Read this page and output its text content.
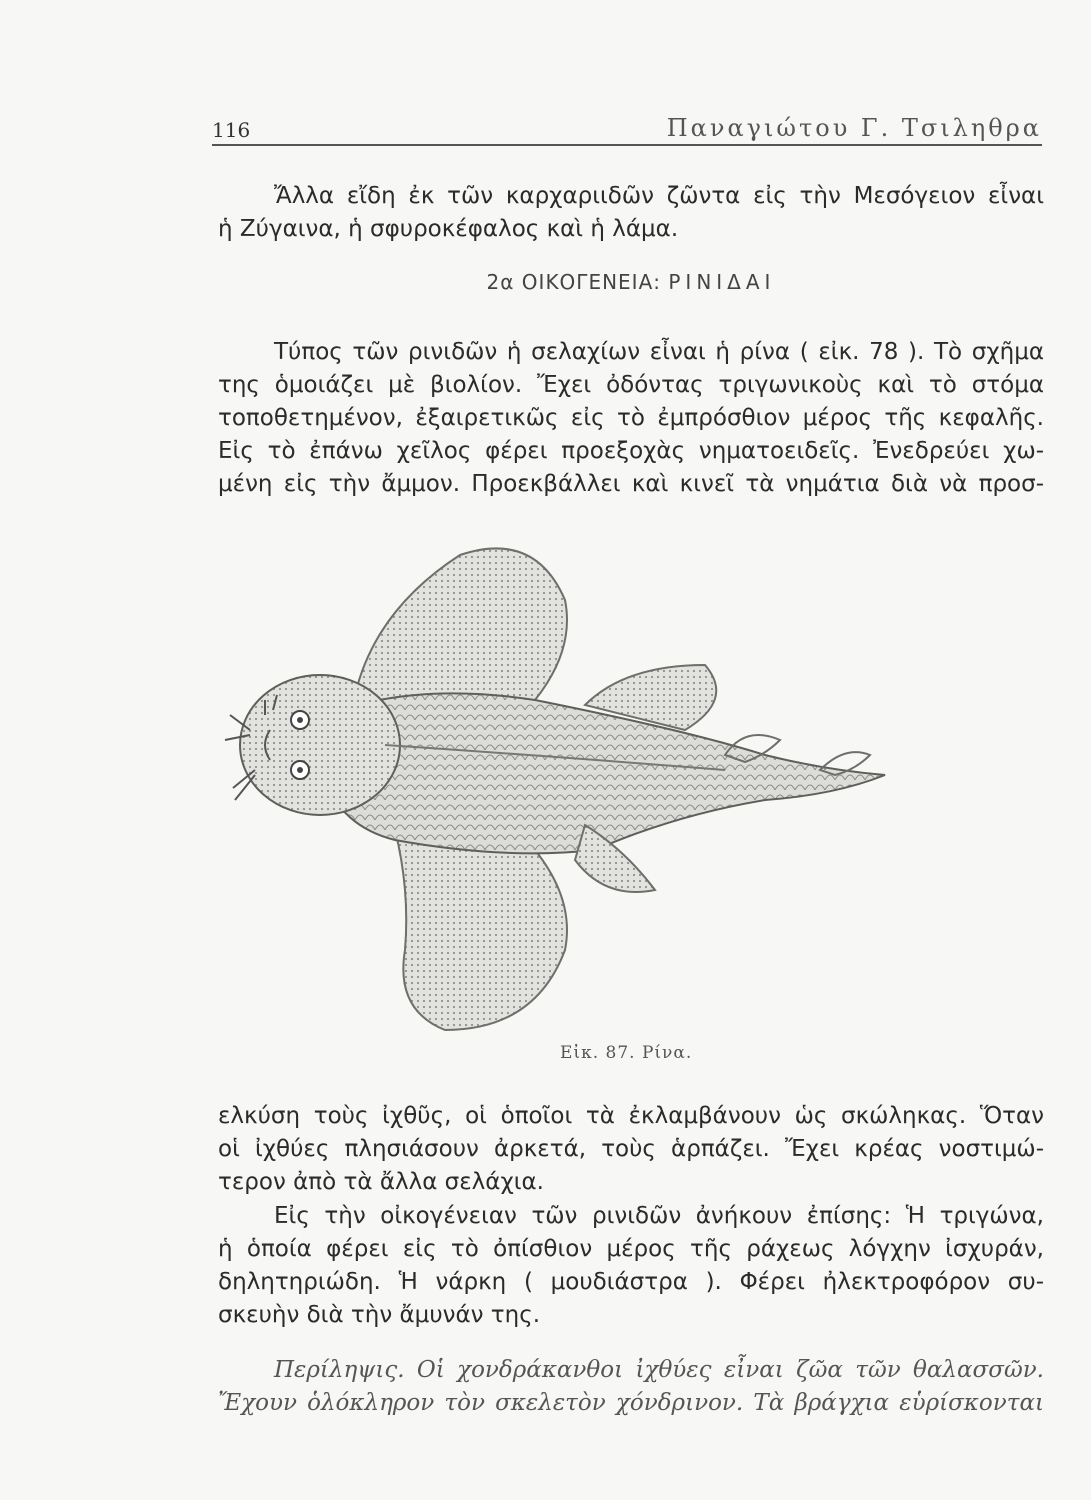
116	Παναγιώτου Γ. Τσιληθρα
Ἄλλα εἴδη ἐκ τῶν καρχαριιδῶν ζῶντα εἰς τὴν Μεσόγειον εἶναι
ἡ Ζύγαινα, ἡ σφυροκέφαλος καὶ ἡ λάμα.
2α ΟΙΚΟΓΕΝΕΙΑ: ΡΙΝΙΔΑΙ
Τύπος τῶν ρινιδῶν ἡ σελαχίων εἶναι ἡ ρίνα ( εἰκ. 78 ). Τὸ σχῆμα
της ὁμοιάζει μὲ βιολίον. Ἔχει ὀδόντας τριγωνικοὺς καὶ τὸ στόμα
τοποθετημένον, ἐξαιρετικῶς εἰς τὸ ἐμπρόσθιον μέρος τῆς κεφαλῆς.
Εἰς τὸ ἐπάνω χεῖλος φέρει προεξοχὰς νηματοειδεῖς. Ἐνεδρεύει χω-
μένη εἰς τὴν ἄμμον. Προεκβάλλει καὶ κινεῖ τὰ νημάτια διὰ νὰ προσ-
Εἰκ. 87. Ρίνα.
ελκύση τοὺς ἰχθῦς, οἱ ὁποῖοι τὰ ἐκλαμβάνουν ὡς σκώληκας. Ὅταν
οἱ ἰχθύες πλησιάσουν ἀρκετά, τοὺς ἁρπάζει. Ἔχει κρέας νοστιμώ-
τερον ἀπὸ τὰ ἄλλα σελάχια.
Εἰς τὴν οἰκογένειαν τῶν ρινιδῶν ἀνήκουν ἐπίσης: Ἡ τριγώνα,
ἡ ὁποία φέρει εἰς τὸ ὀπίσθιον μέρος τῆς ράχεως λόγχην ἰσχυράν,
δηλητηριώδη. Ἡ νάρκη ( μουδιάστρα ). Φέρει ἠλεκτροφόρον συ-
σκευὴν διὰ τὴν ἄμυνάν της.
Περίληψις. Οἱ χονδράκανθοι ἰχθύες εἶναι ζῶα τῶν θαλασσῶν.
Ἔχουν ὁλόκληρον τὸν σκελετὸν χόνδρινον. Τὰ βράγχια εὑρίσκονται
